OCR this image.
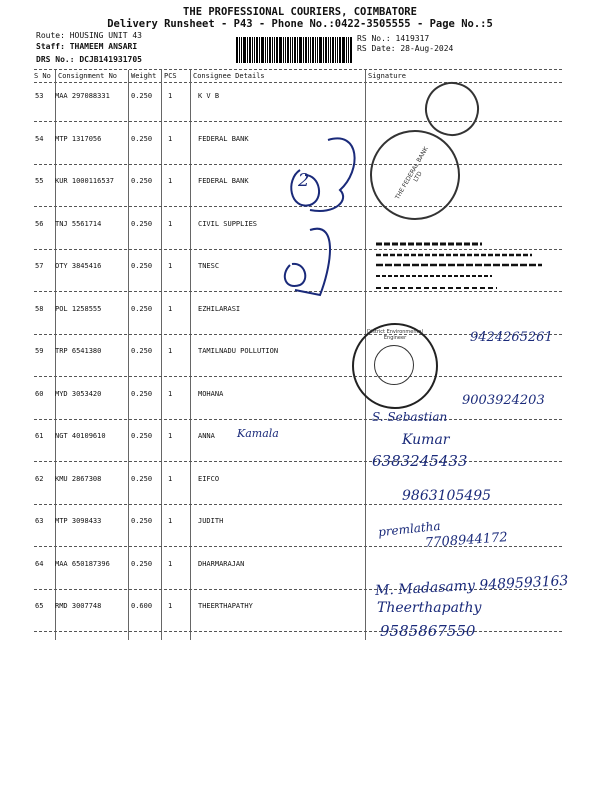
THE PROFESSIONAL COURIERS, COIMBATORE
Delivery Runsheet - P43 - Phone No.:0422-3505555 - Page No.:5
Route: HOUSING UNIT 43
Staff: THAMEEM ANSARI
DRS No.: DCJB141931705
RS No.: 1419317
RS Date: 28-Aug-2024
S No Consignment No Weight PCS Consignee Details	Signature
53 MAA 297088331	0.250 1	K V B
54 MTP 1317056	0.250 1	FEDERAL BANK
55 KUR 1000116537 0.250 1	FEDERAL BANK
56 TNJ 5561714	0.250 1	CIVIL SUPPLIES
57 OTY 3845416	0.250 1	TNESC
58 POL 1258555	0.250 1	EZHILARASI
59 TRP 6541380	0.250 1	TAMILNADU POLLUTION
60 MYD 3053420	0.250 1	MOHANA
61 NGT 40109610	0.250 1	ANNA
62 KMU 2867308	0.250 1	EIFCO
63 MTP 3098433	0.250 1	JUDITH
64 MAA 650187396	0.250 1	DHARMARAJAN
65 RMD 3007748	0.600 1	THEERTHAPATHY
THE FEDERAL BANK LTD
District Environmental Engineer
2
Kamala
9424265261
9003924203
S. Sebastian
Kumar
6383245433
9863105495
premlatha
7708944172
M. Madasamy 9489593163
Theerthapathy
9585867550
